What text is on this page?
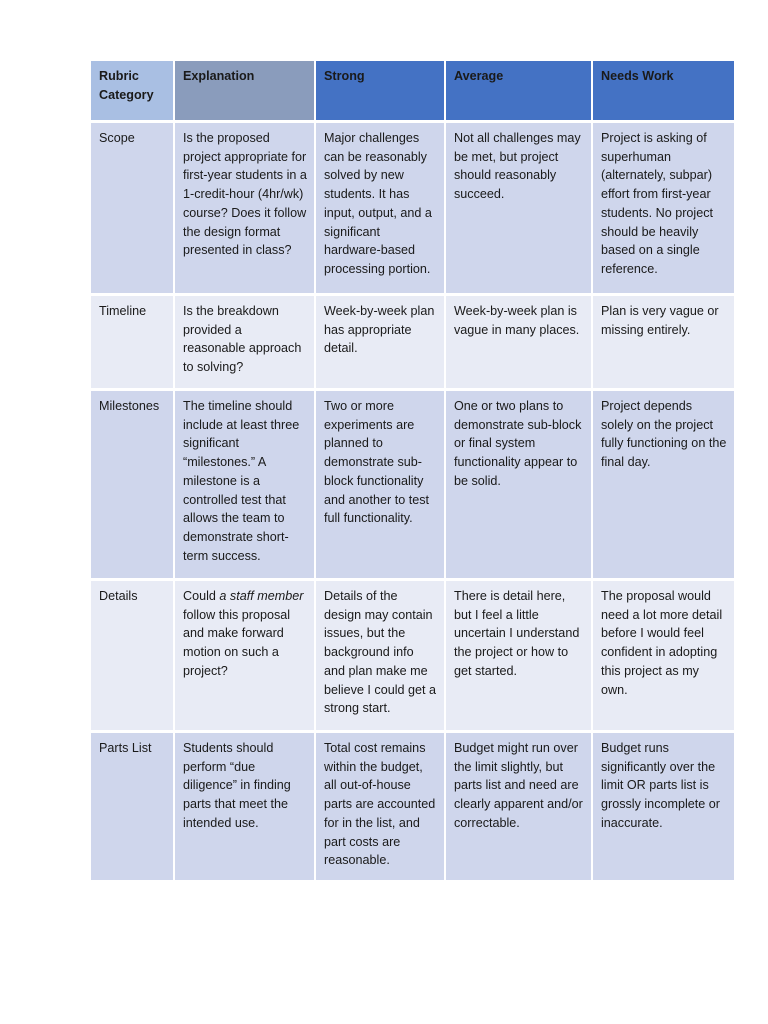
Rubric Category	Explanation	Strong	Average	Needs Work
Scope	Is the proposed project appropriate for first-year students in a 1-credit-hour (4hr/wk) course? Does it follow the design format presented in class?	Major challenges can be reasonably solved by new students. It has input, output, and a significant hardware-based processing portion.	Not all challenges may be met, but project should reasonably succeed.	Project is asking of superhuman (alternately, subpar) effort from first-year students. No project should be heavily based on a single reference.
Timeline	Is the breakdown provided a reasonable approach to solving?	Week-by-week plan has appropriate detail.	Week-by-week plan is vague in many places.	Plan is very vague or missing entirely.
Milestones	The timeline should include at least three significant “milestones.” A milestone is a controlled test that allows the team to demonstrate short-term success.	Two or more experiments are planned to demonstrate sub-block functionality and another to test full functionality.	One or two plans to demonstrate sub-block or final system functionality appear to be solid.	Project depends solely on the project fully functioning on the final day.
Details	Could a staff member follow this proposal and make forward motion on such a project?	Details of the design may contain issues, but the background info and plan make me believe I could get a strong start.	There is detail here, but I feel a little uncertain I understand the project or how to get started.	The proposal would need a lot more detail before I would feel confident in adopting this project as my own.
Parts List	Students should perform “due diligence” in finding parts that meet the intended use.	Total cost remains within the budget, all out-of-house parts are accounted for in the list, and part costs are reasonable.	Budget might run over the limit slightly, but parts list and need are clearly apparent and/or correctable.	Budget runs significantly over the limit OR parts list is grossly incomplete or inaccurate.
